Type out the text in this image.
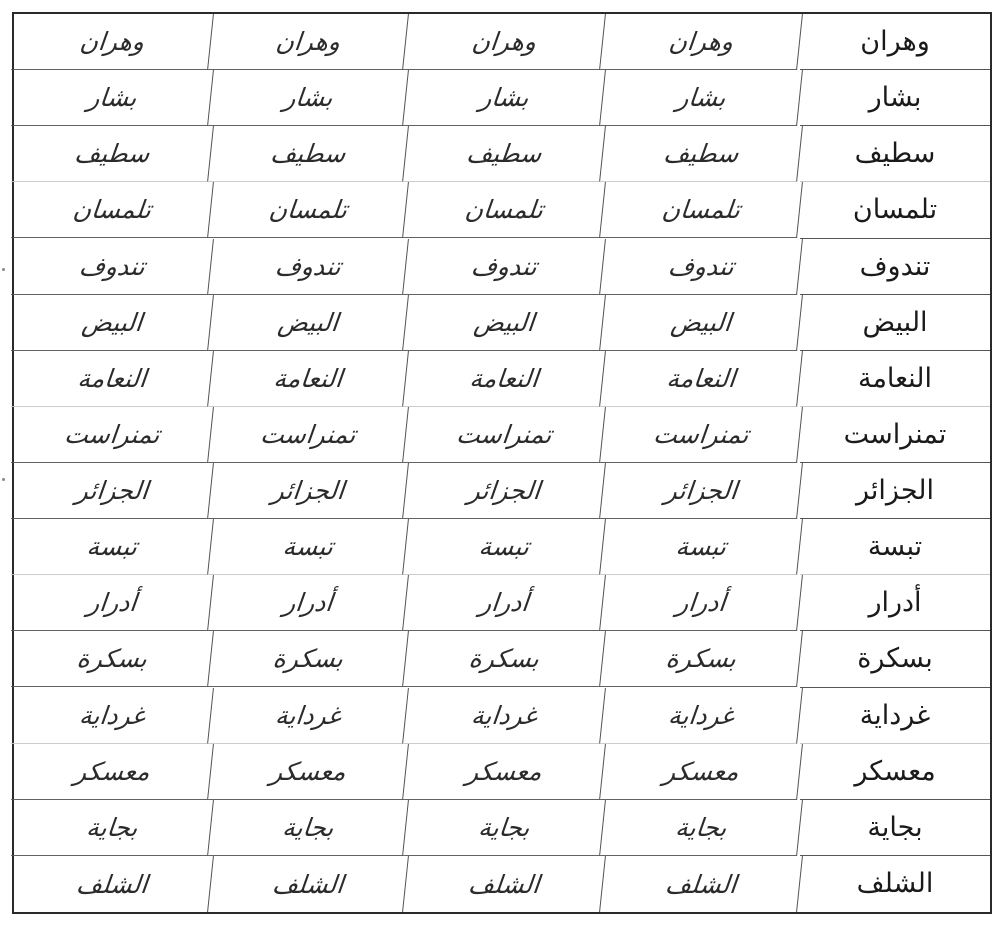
وهران	وهران	وهران	وهران	وهران
بشار	بشار	بشار	بشار	بشار
سطيف	سطيف	سطيف	سطيف	سطيف
تلمسان	تلمسان	تلمسان	تلمسان	تلمسان
تندوف	تندوف	تندوف	تندوف	تندوف
البيض	البيض	البيض	البيض	البيض
النعامة	النعامة	النعامة	النعامة	النعامة
تمنراست	تمنراست	تمنراست	تمنراست	تمنراست
الجزائر	الجزائر	الجزائر	الجزائر	الجزائر
تبسة	تبسة	تبسة	تبسة	تبسة
أدرار	أدرار	أدرار	أدرار	أدرار
بسكرة	بسكرة	بسكرة	بسكرة	بسكرة
غرداية	غرداية	غرداية	غرداية	غرداية
معسكر	معسكر	معسكر	معسكر	معسكر
بجاية	بجاية	بجاية	بجاية	بجاية
الشلف	الشلف	الشلف	الشلف	الشلف
